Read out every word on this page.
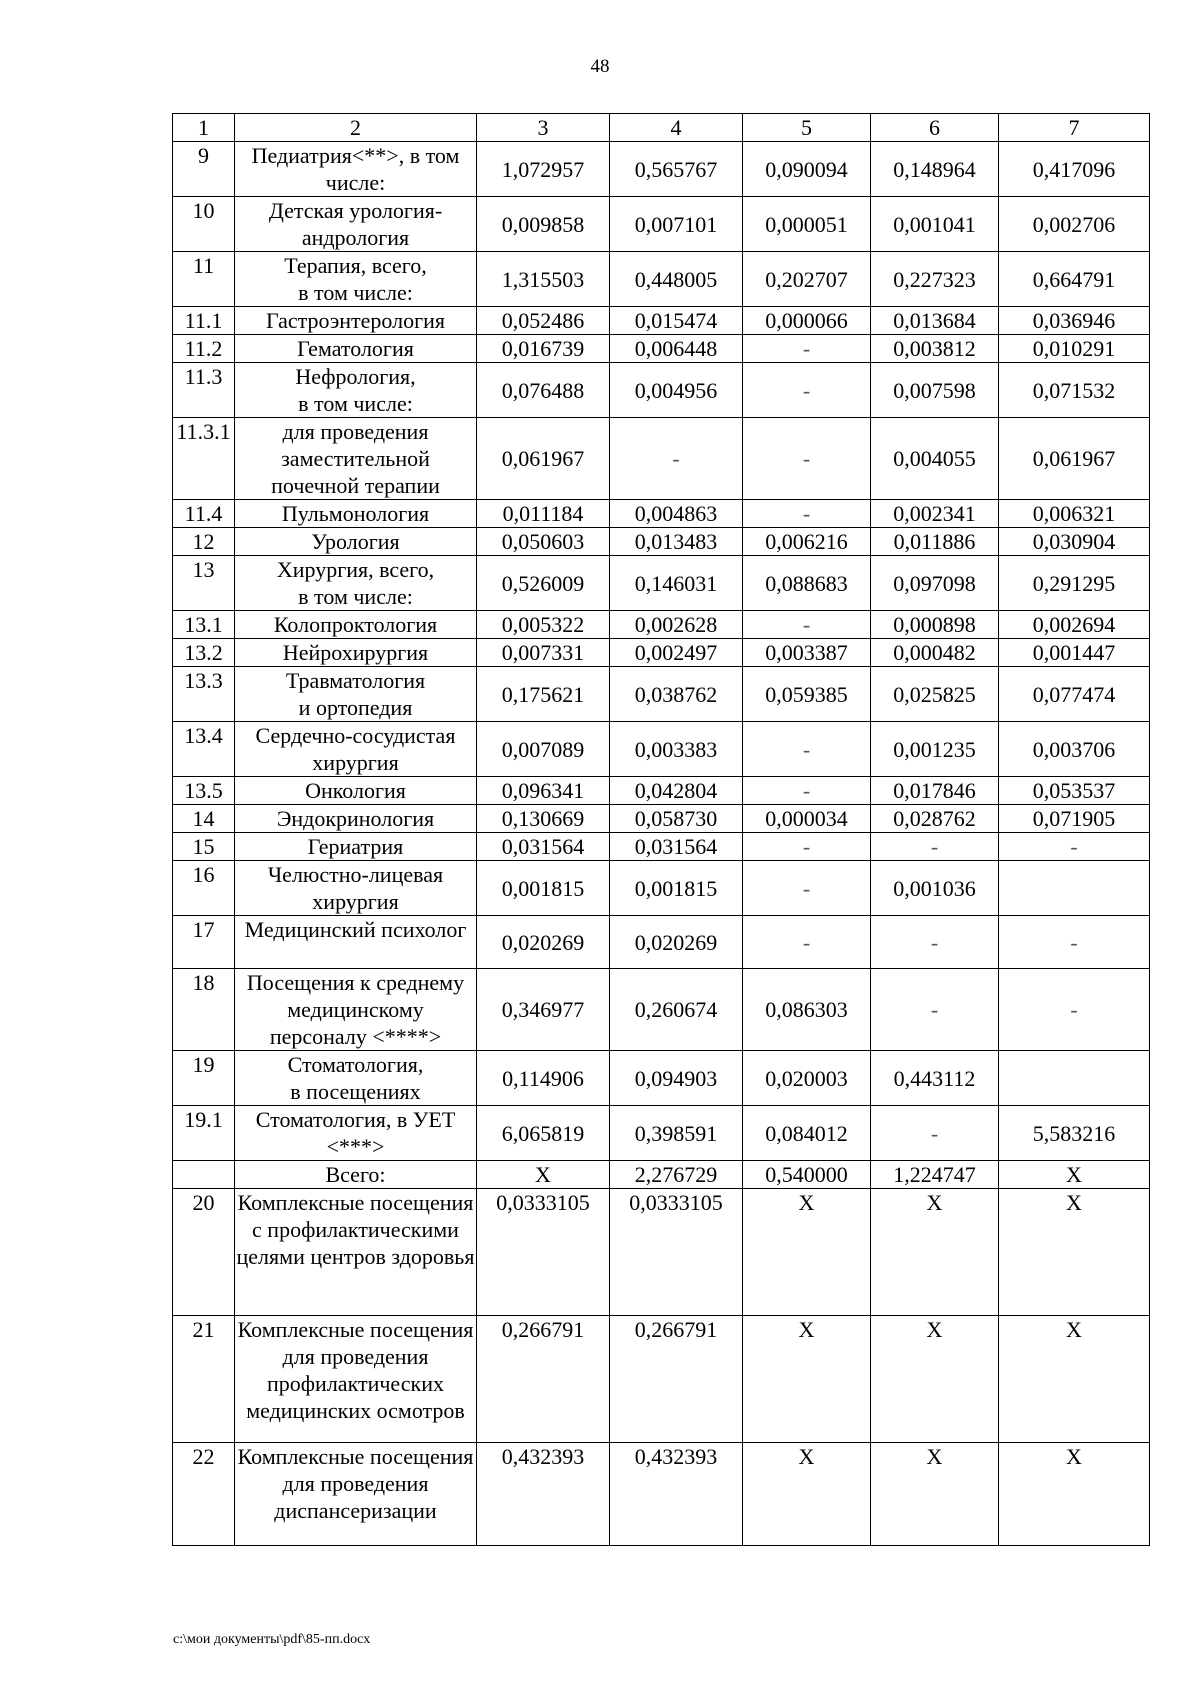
48
1	2	3	4	5	6	7
9	Педиатрия<**>, в том числе:	1,072957	0,565767	0,090094	0,148964	0,417096
10	Детская урология-андрология	0,009858	0,007101	0,000051	0,001041	0,002706
11	Терапия, всего,
в том числе:	1,315503	0,448005	0,202707	0,227323	0,664791
11.1	Гастроэнтерология	0,052486	0,015474	0,000066	0,013684	0,036946
11.2	Гематология	0,016739	0,006448	-	0,003812	0,010291
11.3	Нефрология,
в том числе:	0,076488	0,004956	-	0,007598	0,071532
11.3.1	для проведения заместительной почечной терапии	0,061967	-	-	0,004055	0,061967
11.4	Пульмонология	0,011184	0,004863	-	0,002341	0,006321
12	Урология	0,050603	0,013483	0,006216	0,011886	0,030904
13	Хирургия, всего,
в том числе:	0,526009	0,146031	0,088683	0,097098	0,291295
13.1	Колопроктология	0,005322	0,002628	-	0,000898	0,002694
13.2	Нейрохирургия	0,007331	0,002497	0,003387	0,000482	0,001447
13.3	Травматология
и ортопедия	0,175621	0,038762	0,059385	0,025825	0,077474
13.4	Сердечно-сосудистая хирургия	0,007089	0,003383	-	0,001235	0,003706
13.5	Онкология	0,096341	0,042804	-	0,017846	0,053537
14	Эндокринология	0,130669	0,058730	0,000034	0,028762	0,071905
15	Гериатрия	0,031564	0,031564	-	-	-
16	Челюстно-лицевая хирургия	0,001815	0,001815	-	0,001036	
17	Медицинский психолог	0,020269	0,020269	-	-	-
18	Посещения к среднему медицинскому персоналу <****>	0,346977	0,260674	0,086303	-	-
19	Стоматология,
в посещениях	0,114906	0,094903	0,020003	0,443112	
19.1	Стоматология, в УЕТ <***>	6,065819	0,398591	0,084012	-	5,583216
	Всего:	X	2,276729	0,540000	1,224747	X
20	Комплексные посещения
с профилактическими целями центров здоровья	0,0333105	0,0333105	X	X	X
21	Комплексные посещения
для проведения профилактических медицинских осмотров	0,266791	0,266791	X	X	X
22	Комплексные посещения
для проведения диспансеризации	0,432393	0,432393	X	X	X
c:\мои документы\pdf\85-пп.docx
